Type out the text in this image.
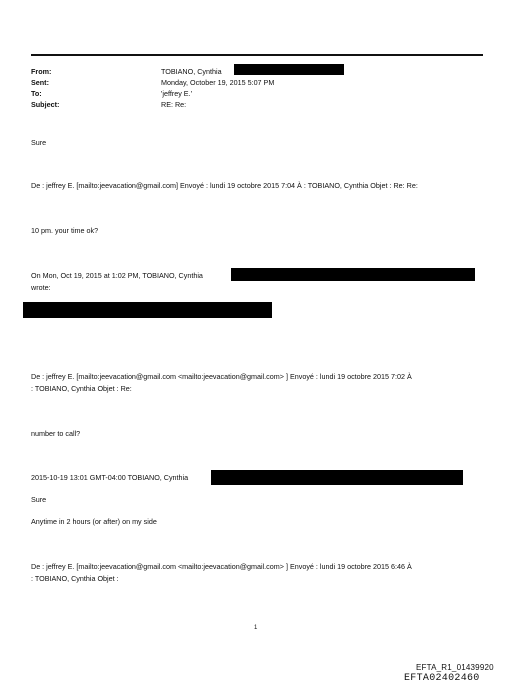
From:	TOBIANO, Cynthia
Sent:	Monday, October 19, 2015 5:07 PM
To:	'jeffrey E.'
Subject:	RE: Re:
Sure
De : jeffrey E. [mailto:jeevacation@gmail.com] Envoyé : lundi 19 octobre 2015 7:04 À : TOBIANO, Cynthia Objet : Re: Re:
10 pm. your time ok?
On Mon, Oct 19, 2015 at 1:02 PM, TOBIANO, Cynthia
wrote:
De : jeffrey E. [mailto:jeevacation@gmail.com <mailto:jeevacation@gmail.com> ] Envoyé : lundi 19 octobre 2015 7:02 À
: TOBIANO, Cynthia Objet : Re:
number to call?
2015-10-19 13:01 GMT-04:00 TOBIANO, Cynthia
Sure
Anytime in 2 hours (or after) on my side
De : jeffrey E. [mailto:jeevacation@gmail.com <mailto:jeevacation@gmail.com> ] Envoyé : lundi 19 octobre 2015 6:46 À
: TOBIANO, Cynthia Objet :
1
EFTA_R1_01439920
EFTA02402460
